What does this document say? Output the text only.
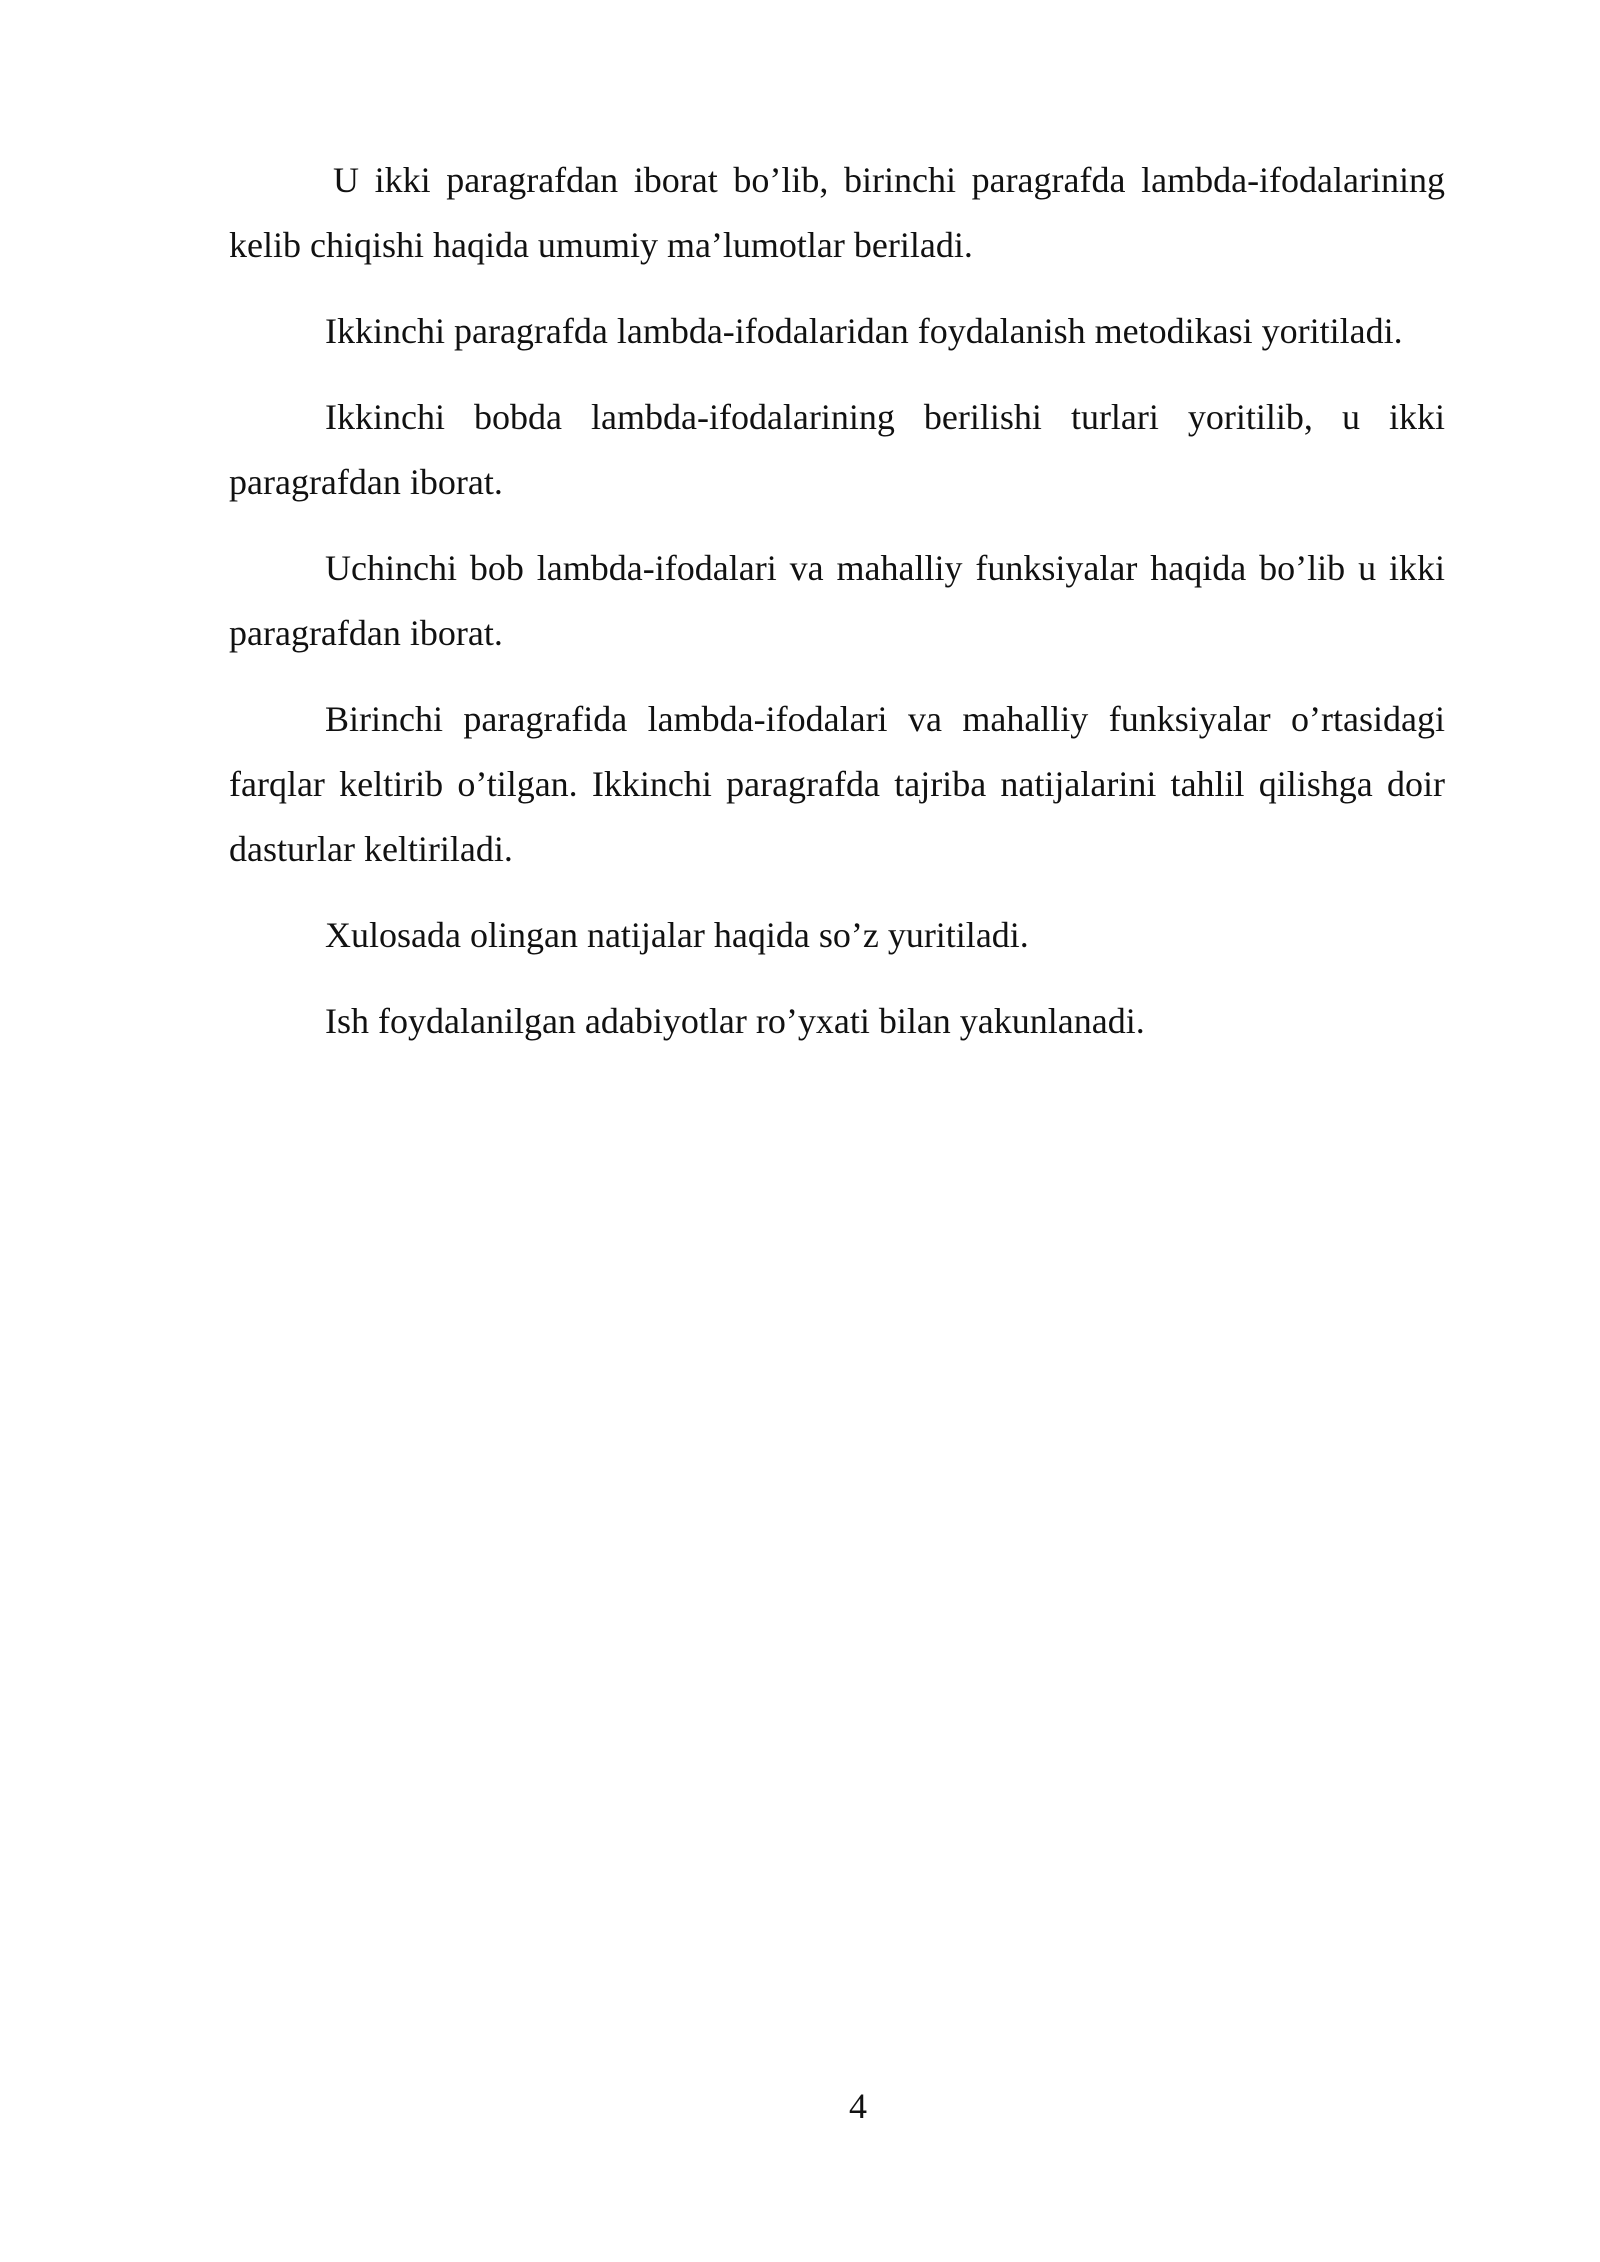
U ikki paragrafdan iborat bo’lib, birinchi paragrafda lambda-ifodalarining kelib chiqishi haqida umumiy ma’lumotlar beriladi.

Ikkinchi paragrafda lambda-ifodalaridan foydalanish metodikasi yoritiladi.

Ikkinchi bobda lambda-ifodalarining berilishi turlari yoritilib, u ikki paragrafdan iborat.

Uchinchi bob lambda-ifodalari va mahalliy funksiyalar haqida bo’lib u ikki paragrafdan iborat.

Birinchi paragrafida lambda-ifodalari va mahalliy funksiyalar o’rtasidagi farqlar keltirib o’tilgan. Ikkinchi paragrafda tajriba natijalarini tahlil qilishga doir dasturlar keltiriladi.

Xulosada olingan natijalar haqida so’z yuritiladi.

Ish foydalanilgan adabiyotlar ro’yxati bilan yakunlanadi.

4
